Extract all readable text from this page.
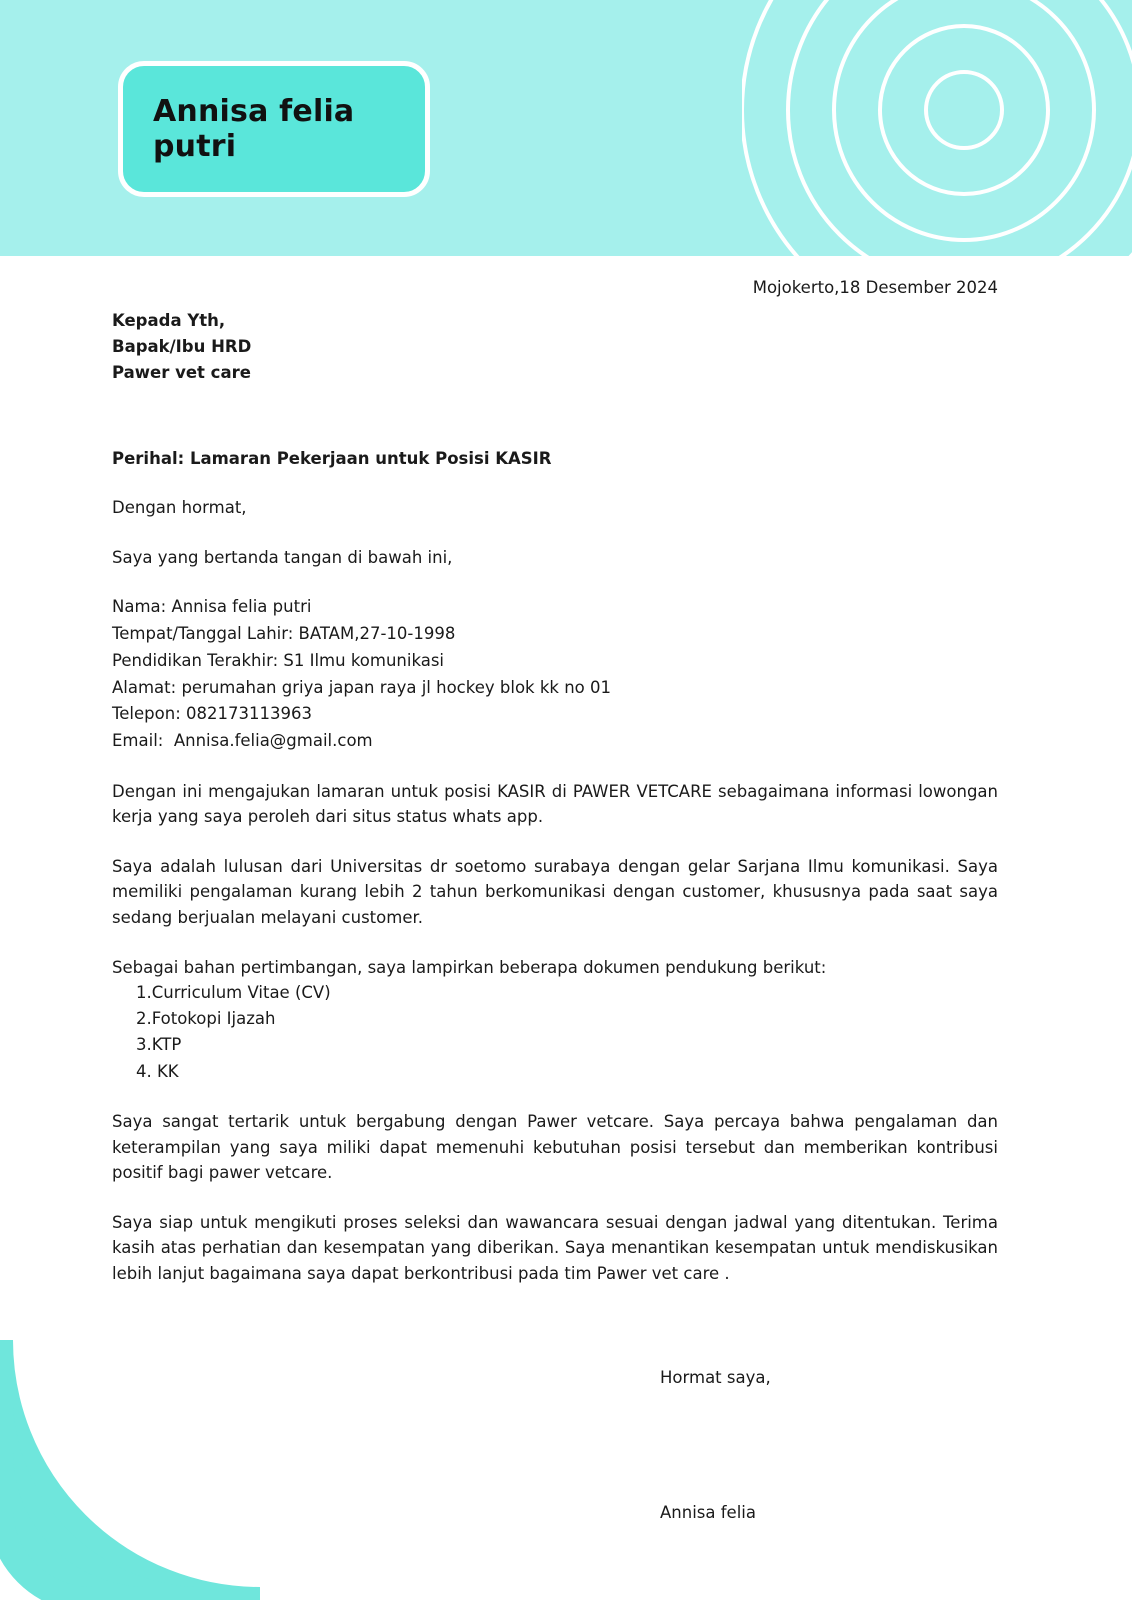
Annisa felia putri
Mojokerto,18 Desember 2024
Kepada Yth,
Bapak/Ibu HRD
Pawer vet care
Perihal: Lamaran Pekerjaan untuk Posisi KASIR
Dengan hormat,
Saya yang bertanda tangan di bawah ini,
Nama: Annisa felia putri
Tempat/Tanggal Lahir: BATAM,27-10-1998
Pendidikan Terakhir: S1 Ilmu komunikasi
Alamat: perumahan griya japan raya jl hockey blok kk no 01
Telepon: 082173113963
Email:  Annisa.felia@gmail.com
Dengan ini mengajukan lamaran untuk posisi KASIR di PAWER VETCARE sebagaimana informasi lowongan kerja yang saya peroleh dari situs status whats app.
Saya adalah lulusan dari Universitas dr soetomo surabaya dengan gelar Sarjana Ilmu komunikasi. Saya memiliki pengalaman kurang lebih 2 tahun berkomunikasi dengan customer, khususnya pada saat saya sedang berjualan melayani customer.
Sebagai bahan pertimbangan, saya lampirkan beberapa dokumen pendukung berikut:
1.Curriculum Vitae (CV)
2.Fotokopi Ijazah
3.KTP
4. KK
Saya sangat tertarik untuk bergabung dengan Pawer vetcare. Saya percaya bahwa pengalaman dan keterampilan yang saya miliki dapat memenuhi kebutuhan posisi tersebut dan memberikan kontribusi positif bagi pawer vetcare.
Saya siap untuk mengikuti proses seleksi dan wawancara sesuai dengan jadwal yang ditentukan. Terima kasih atas perhatian dan kesempatan yang diberikan. Saya menantikan kesempatan untuk mendiskusikan lebih lanjut bagaimana saya dapat berkontribusi pada tim Pawer vet care .
Hormat saya,
Annisa felia
